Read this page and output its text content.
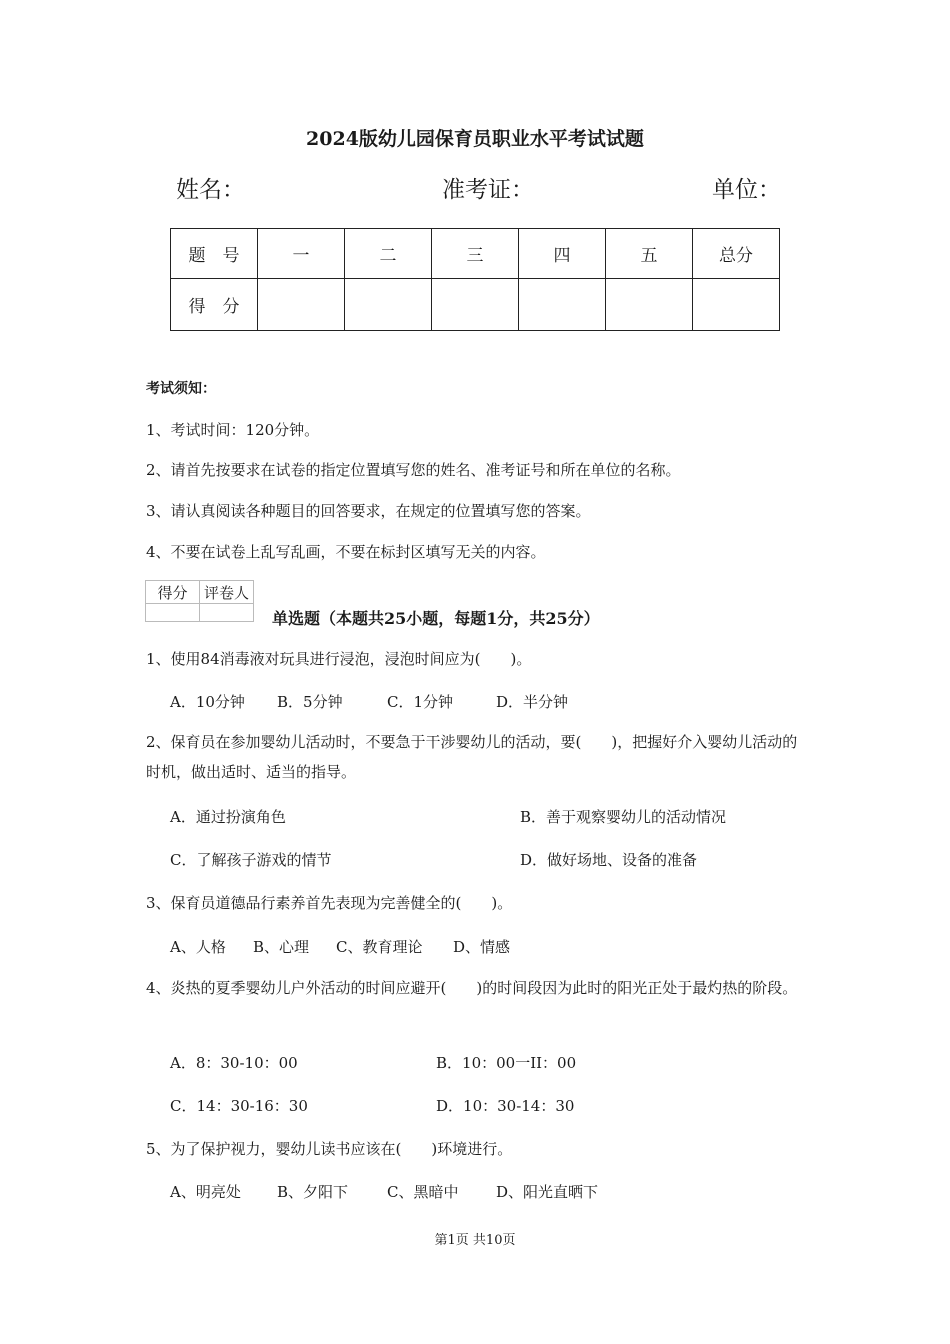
2024版幼儿园保育员职业水平考试试题
姓名：	准考证：	单位：
题　号	一	二	三	四	五	总分
得　分						
考试须知：
1、考试时间：120分钟。
2、请首先按要求在试卷的指定位置填写您的姓名、准考证号和所在单位的名称。
3、请认真阅读各种题目的回答要求，在规定的位置填写您的答案。
4、不要在试卷上乱写乱画，不要在标封区填写无关的内容。
得分	评卷人

单选题（本题共25小题，每题1分，共25分）
1、使用84消毒液对玩具进行浸泡，浸泡时间应为(　　)。
A．10分钟 B．5分钟	C．1分钟	D．半分钟
2、保育员在参加婴幼儿活动时，不要急于干涉婴幼儿的活动，要(　　)，把握好介入婴幼儿活动的时机，做出适时、适当的指导。
A．通过扮演角色	B．善于观察婴幼儿的活动情况
C．了解孩子游戏的情节	D．做好场地、设备的准备
3、保育员道德品行素养首先表现为完善健全的(　　)。
A、人格 B、心理 C、教育理论 D、情感
4、炎热的夏季婴幼儿户外活动的时间应避开(　　)的时间段因为此时的阳光正处于最灼热的阶段。
A．8：30-10：00	B．10：00一II：00
C．14：30-16：30	D．10：30-14：30
5、为了保护视力，婴幼儿读书应该在(　　)环境进行。
A、明亮处 B、夕阳下	C、黑暗中	D、阳光直晒下
第1页 共10页
